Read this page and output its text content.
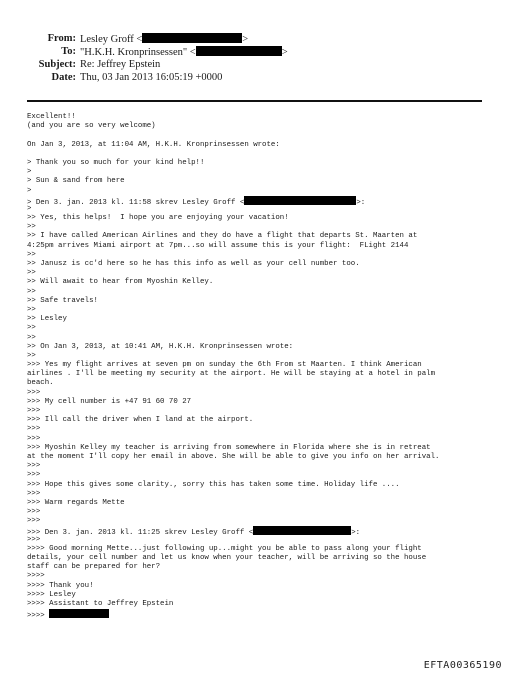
From: Lesley Groff <	>
To: "H.K.H. Kronprinsessen" <	>
Subject: Re: Jeffrey Epstein
Date: Thu, 03 Jan 2013 16:05:19 +0000
Excellent!!
(and you are so very welcome)
On Jan 3, 2013, at 11:04 AM, H.K.H. Kronprinsessen wrote:
> Thank you so much for your kind help!!
>
> Sun & sand from here
>
> Den 3. jan. 2013 kl. 11:58 skrev Lesley Groff <	>:
>
>> Yes, this helps!  I hope you are enjoying your vacation!
>>
>> I have called American Airlines and they do have a flight that departs St. Maarten at
4:25pm arrives Miami airport at 7pm...so will assume this is your flight:  FLight 2144
>>
>> Janusz is cc'd here so he has this info as well as your cell number too.
>>
>> Will await to hear from Myoshin Kelley.
>>
>> Safe travels!
>>
>> Lesley
>>
>>
>> On Jan 3, 2013, at 10:41 AM, H.K.H. Kronprinsessen wrote:
>>
>>> Yes my flight arrives at seven pm on sunday the 6th From st Maarten. I think American
airlines . I'll be meeting my security at the airport. He will be staying at a hotel in palm
beach.
>>>
>>> My cell number is +47 91 60 70 27
>>>
>>> Ill call the driver when I land at the airport.
>>>
>>>
>>> Myoshin Kelley my teacher is arriving from somewhere in Florida where she is in retreat
at the moment I'll copy her email in above. She will be able to give you info on her arrival.
>>>
>>>
>>> Hope this gives some clarity., sorry this has taken some time. Holiday life ....
>>>
>>> Warm regards Mette
>>>
>>>
>>> Den 3. jan. 2013 kl. 11:25 skrev Lesley Groff <	>:
>>>
>>>> Good morning Mette...just following up...might you be able to pass along your flight
details, your cell number and let us know when your teacher, will be arriving so the house
staff can be prepared for her?
>>>>
>>>> Thank you!
>>>> Lesley
>>>> Assistant to Jeffrey Epstein
>>>>
EFTA00365190
